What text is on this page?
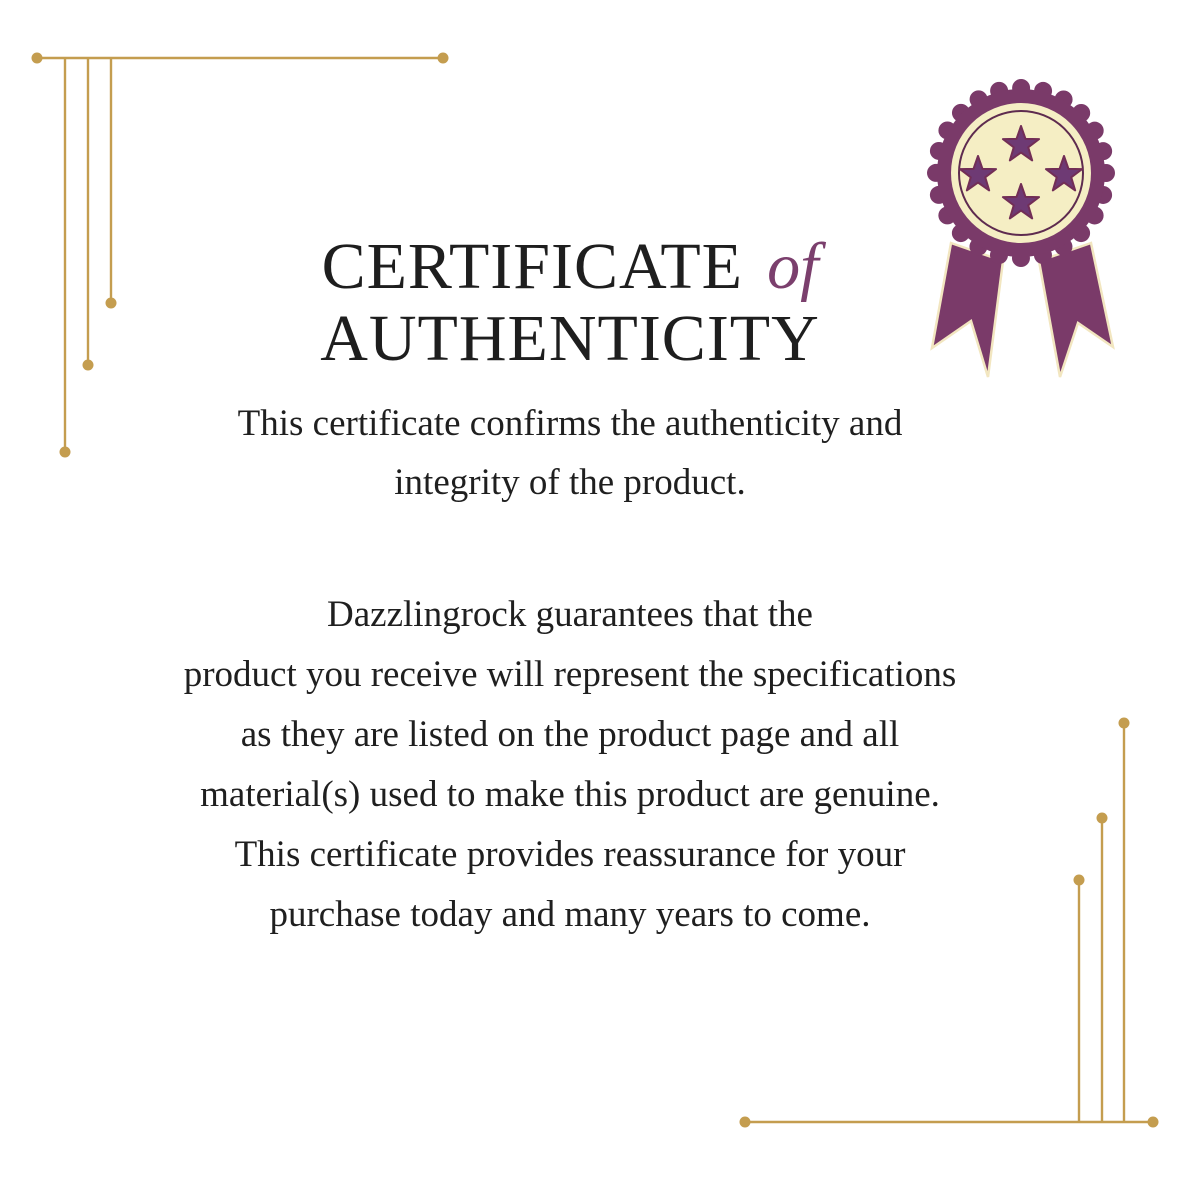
CERTIFICATE of
AUTHENTICITY
This certificate confirms the authenticity and
integrity of the product.
Dazzlingrock guarantees that the
product you receive will represent the specifications
as they are listed on the product page and all
material(s) used to make this product are genuine.
This certificate provides reassurance for your
purchase today and many years to come.
